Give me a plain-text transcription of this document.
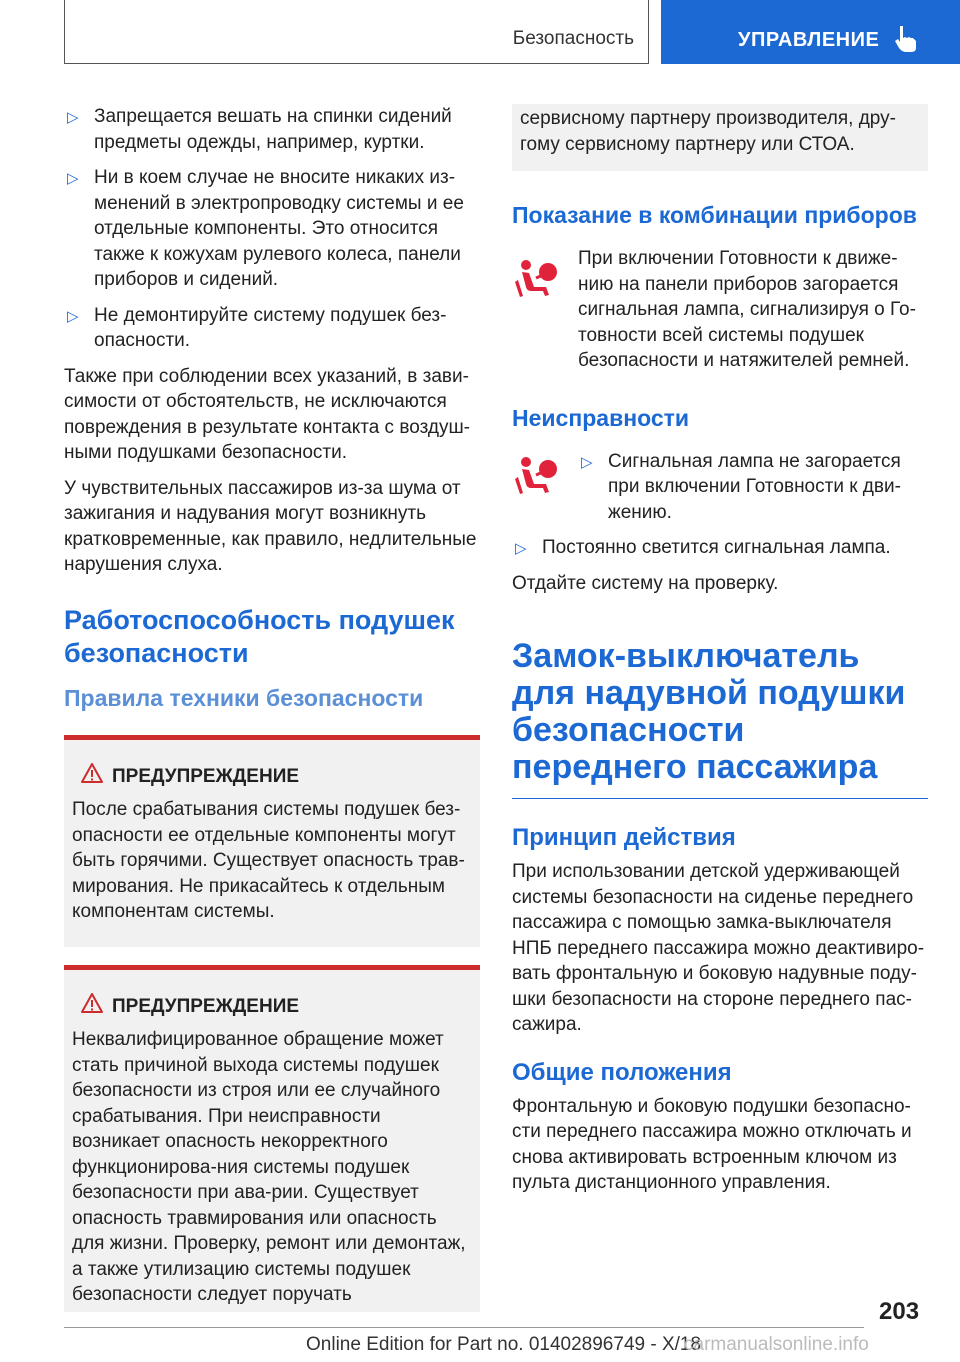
Безопасность	УПРАВЛЕНИЕ
▷ Запрещается вешать на спинки сидений предметы одежды, например, куртки.
▷ Ни в коем случае не вносите никаких из-менений в электропроводку системы и ее отдельные компоненты. Это относится также к кожухам рулевого колеса, панели приборов и сидений.
▷ Не демонтируйте систему подушек без-опасности.

Также при соблюдении всех указаний, в зави-симости от обстоятельств, не исключаются повреждения в результате контакта с воздуш-ными подушками безопасности.

У чувствительных пассажиров из-за шума от зажигания и надувания могут возникнуть кратковременные, как правило, недлительные нарушения слуха.

Работоспособность подушек безопасности
Правила техники безопасности
ПРЕДУПРЕЖДЕНИЕ
После срабатывания системы подушек без-опасности ее отдельные компоненты могут быть горячими. Существует опасность трав-мирования. Не прикасайтесь к отдельным компонентам системы.
ПРЕДУПРЕЖДЕНИЕ
Неквалифицированное обращение может стать причиной выхода системы подушек безопасности из строя или ее случайного срабатывания. При неисправности возникает опасность некорректного функционирова-ния системы подушек безопасности при ава-рии. Существует опасность травмирования или опасность для жизни. Проверку, ремонт или демонтаж, а также утилизацию системы подушек безопасности следует поручать
сервисному партнеру производителя, дру-гому сервисному партнеру или СТОА.
Показание в комбинации приборов
При включении Готовности к движе-нию на панели приборов загорается сигнальная лампа, сигнализируя о Го-товности всей системы подушек безопасности и натяжителей ремней.
Неисправности
▷ Сигнальная лампа не загорается при включении Готовности к дви-жению.
▷ Постоянно светится сигнальная лампа.

Отдайте систему на проверку.

Замок-выключатель для надувной подушки безопасности переднего пассажира
Принцип действия

При использовании детской удерживающей системы безопасности на сиденье переднего пассажира с помощью замка-выключателя НПБ переднего пассажира можно деактивиро-вать фронтальную и боковую надувные поду-шки безопасности на стороне переднего пас-сажира.

Общие положения

Фронтальную и боковую подушки безопасно-сти переднего пассажира можно отключать и снова активировать встроенным ключом из пульта дистанционного управления.

203
Online Edition for Part no. 01402896749 - X/18
carmanualsonline.info
